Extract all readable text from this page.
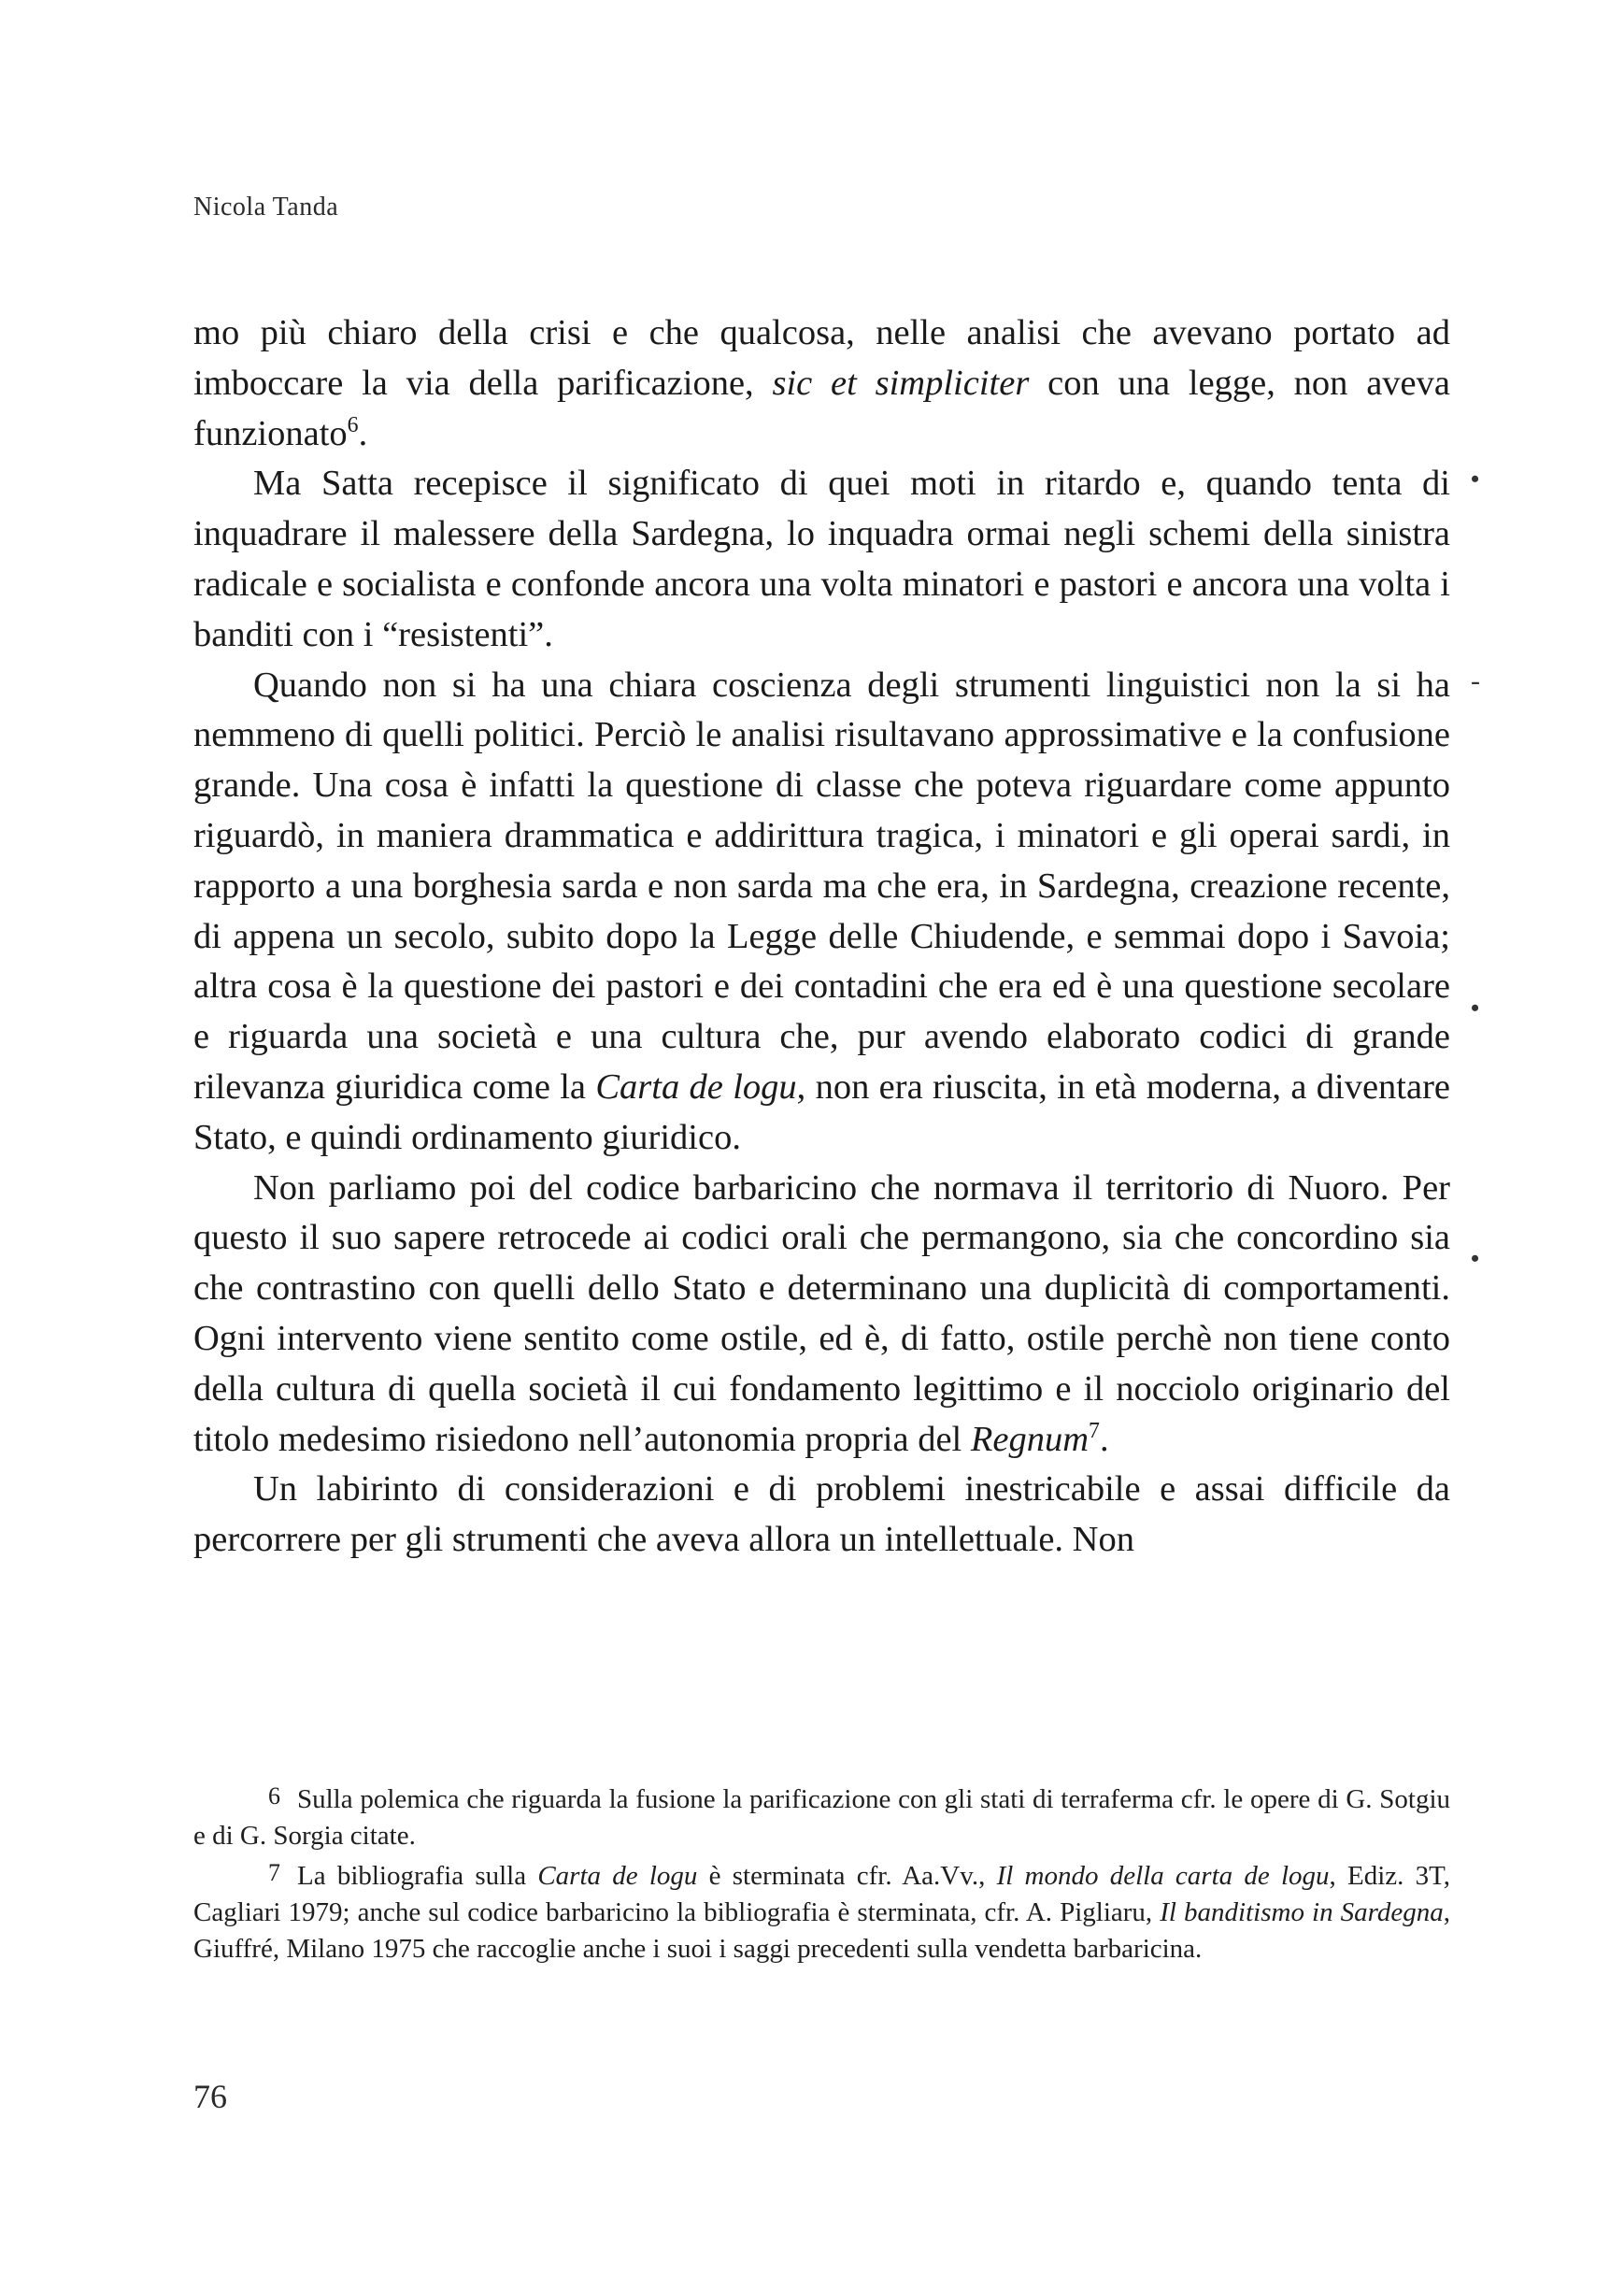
Nicola Tanda

mo più chiaro della crisi e che qualcosa, nelle analisi che avevano portato ad imboccare la via della parificazione, sic et simpliciter con una legge, non aveva funzionato$^6$.

Ma Satta recepisce il significato di quei moti in ritardo e, quando tenta di inquadrare il malessere della Sardegna, lo inquadra ormai negli schemi della sinistra radicale e socialista e confonde ancora una volta minatori e pastori e ancora una volta i banditi con i “resistenti”.

Quando non si ha una chiara coscienza degli strumenti linguistici non la si ha nemmeno di quelli politici. Perciò le analisi risultavano approssimative e la confusione grande. Una cosa è infatti la questione di classe che poteva riguardare come appunto riguardò, in maniera drammatica e addirittura tragica, i minatori e gli operai sardi, in rapporto a una borghesia sarda e non sarda ma che era, in Sardegna, creazione recente, di appena un secolo, subito dopo la Legge delle Chiudende, e semmai dopo i Savoia; altra cosa è la questione dei pastori e dei contadini che era ed è una questione secolare e riguarda una società e una cultura che, pur avendo elaborato codici di grande rilevanza giuridica come la Carta de logu, non era riuscita, in età moderna, a diventare Stato, e quindi ordinamento giuridico.

Non parliamo poi del codice barbaricino che normava il territorio di Nuoro. Per questo il suo sapere retrocede ai codici orali che permangono, sia che concordino sia che contrastino con quelli dello Stato e determinano una duplicità di comportamenti. Ogni intervento viene sentito come ostile, ed è, di fatto, ostile perchè non tiene conto della cultura di quella società il cui fondamento legittimo e il nocciolo originario del titolo medesimo risiedono nell’autonomia propria del Regnum$^7$.

Un labirinto di considerazioni e di problemi inestricabile e assai difficile da percorrere per gli strumenti che aveva allora un intellettuale. Non

•
-
•
•

6 Sulla polemica che riguarda la fusione la parificazione con gli stati di terraferma cfr. le opere di G. Sotgiu e di G. Sorgia citate.

7 La bibliografia sulla Carta de logu è sterminata cfr. Aa.Vv., Il mondo della carta de logu, Ediz. 3T, Cagliari 1979; anche sul codice barbaricino la bibliografia è sterminata, cfr. A. Pigliaru, Il banditismo in Sardegna, Giuffré, Milano 1975 che raccoglie anche i suoi i saggi precedenti sulla vendetta barbaricina.

76
